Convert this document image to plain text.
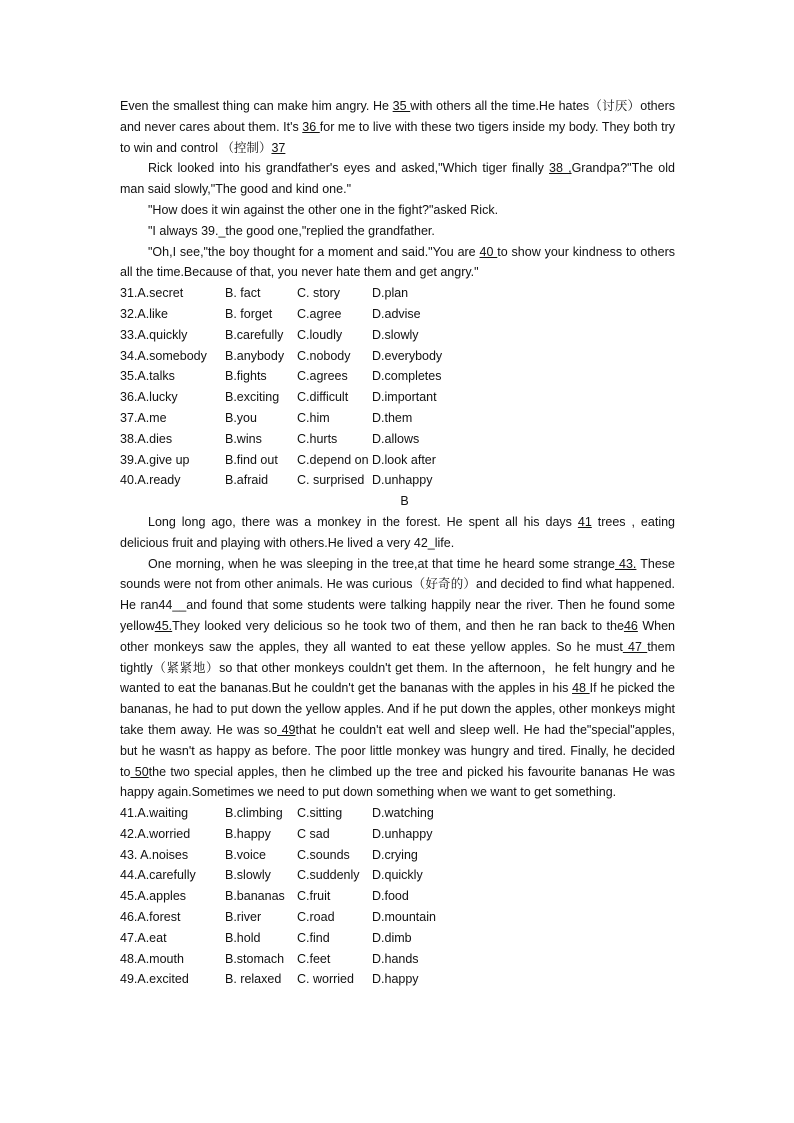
Even the smallest thing can make him angry. He 35 with others all the time.He hates（讨厌）others and never cares about them. It's 36 for me to live with these two tigers inside my body. They both try to win and control （控制）37

Rick looked into his grandfather's eyes and asked,"Which tiger finally 38 ,Grandpa?"The old man said slowly,"The good and kind one."

"How does it win against the other one in the fight?"asked Rick.

"I always 39._the good one,"replied the grandfather.

"Oh,I see,"the boy thought for a moment and said."You are 40 to show your kindness to others all the time.Because of that, you never hate them and get angry."

31.A.secret	B. fact	C. story	D.plan
32.A.like	B. forget	C.agree	D.advise
33.A.quickly	B.carefully	C.loudly	D.slowly
34.A.somebody	B.anybody	C.nobody	D.everybody
35.A.talks	B.fights	C.agrees	D.completes
36.A.lucky	B.exciting	C.difficult	D.important
37.A.me	B.you	C.him	D.them
38.A.dies	B.wins	C.hurts	D.allows
39.A.give up	B.find out	C.depend on D.look after
40.A.ready	B.afraid	C. surprised D.unhappy

B

Long long ago, there was a monkey in the forest. He spent all his days 41 trees , eating delicious fruit and playing with others.He lived a very 42_life.

One morning, when he was sleeping in the tree,at that time he heard some strange 43. These sounds were not from other animals. He was curious（好奇的）and decided to find what happened. He ran44__and found that some students were talking happily near the river. Then he found some yellow45.They looked very delicious so he took two of them, and then he ran back to the46 When other monkeys saw the apples, they all wanted to eat these yellow apples. So he must 47 them tightly（紧紧地）so that other monkeys couldn't get them. In the afternoon，he felt hungry and he wanted to eat the bananas.But he couldn't get the bananas with the apples in his 48 If he picked the bananas, he had to put down the yellow apples. And if he put down the apples, other monkeys might take them away. He was so 49that he couldn't eat well and sleep well. He had the"special"apples, but he wasn't as happy as before. The poor little monkey was hungry and tired. Finally, he decided to 50the two special apples, then he climbed up the tree and picked his favourite bananas He was happy again.Sometimes we need to put down something when we want to get something.

41.A.waiting	B.climbing	C.sitting	D.watching
42.A.worried	B.happy	C sad	D.unhappy
43. A.noises	B.voice	C.sounds	D.crying
44.A.carefully	B.slowly	C.suddenly D.quickly
45.A.apples	B.bananas C.fruit	D.food
46.A.forest	B.river	C.road	D.mountain
47.A.eat	B.hold	C.find	D.dimb
48.A.mouth	B.stomach	C.feet	D.hands
49.A.excited	B. relaxed	C. worried	D.happy
